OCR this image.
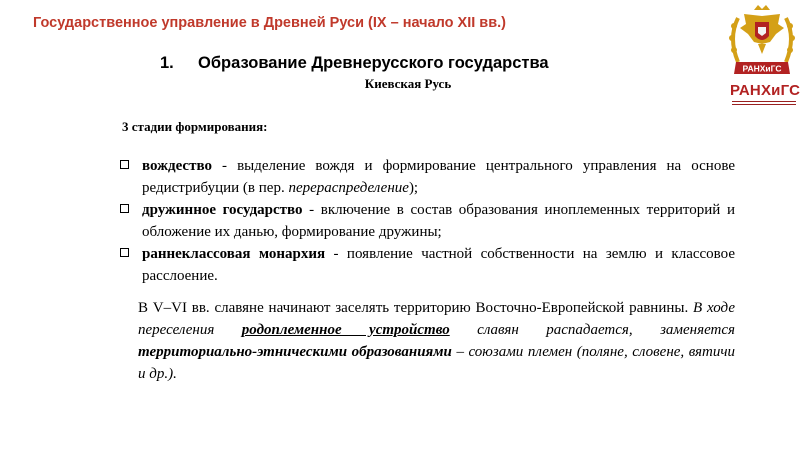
Государственное управление в Древней Руси (IX – начало XII вв.)
РАНХиГС
РАНХиГС
1. Образование Древнерусского государства
Киевская Русь
3 стадии формирования:
вождество - выделение вождя и формирование центрального управления на основе редистрибуции (в пер. перераспределение);
дружинное государство - включение в состав образования иноплеменных территорий и обложение их данью, формирование дружины;
раннеклассовая монархия - появление частной собственности на землю и классовое расслоение.
В V–VI вв. славяне начинают заселять территорию Восточно-Европейской равнины. В ходе переселения родоплеменное устройство славян распадается, заменяется территориально-этническими образованиями – союзами племен (поляне, словене, вятичи и др.).
